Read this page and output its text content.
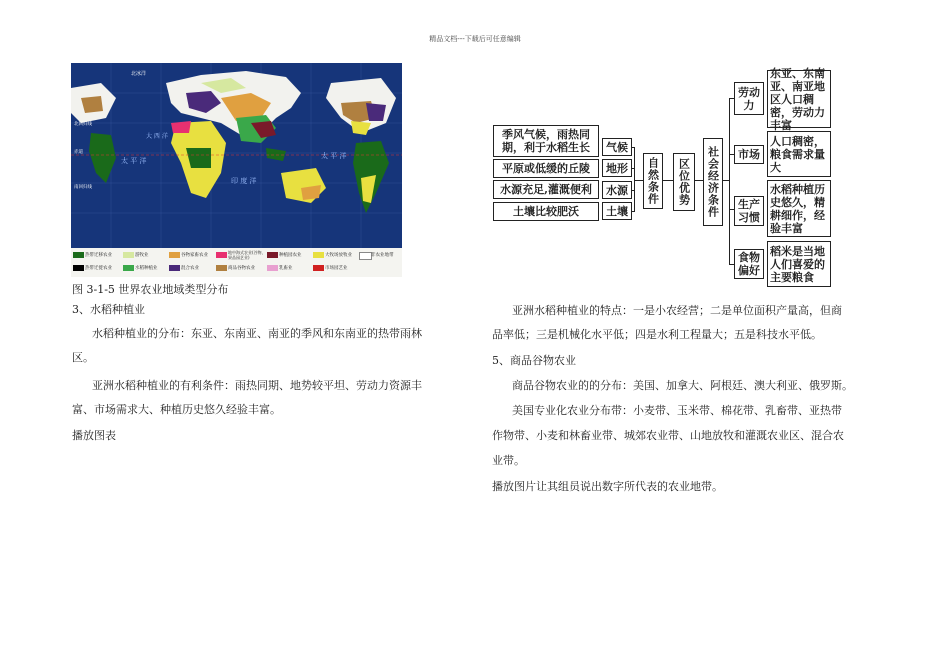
精品文档---下载后可任意编辑
北冰洋
太 平 洋
太 平 洋
大 西 洋
印 度 洋
赤道
北回归线
南回归线
热带迁移农业
热带迁徙农业
游牧业
水稻种植业
谷物家畜农业
混合农业
地中海式农业(谷物、果品园艺业)
商品谷物农业
种植园农业
乳畜业
大牧场放牧业
市场园艺业
非农业地带
图 3-1-5 世界农业地域类型分布
3、水稻种植业
水稻种植业的分布：东亚、东南亚、南亚的季风和东南亚的热带雨林
区。
亚洲水稻种植业的有利条件：雨热同期、地势较平坦、劳动力资源丰
富、市场需求大、种植历史悠久经验丰富。
播放图表
季风气候，雨热同期，利于水稻生长
平原或低缓的丘陵
水源充足,灌溉便利
土壤比较肥沃
气候
地形
水源
土壤
自然条件	区位优势	社会经济条件
劳动力
市场
生产习惯
食物偏好
东亚、东南亚、南亚地区人口稠密，劳动力丰富
人口稠密，粮食需求量大
水稻种植历史悠久，精耕细作，经验丰富
稻米是当地人们喜爱的主要粮食
亚洲水稻种植业的特点：一是小农经营；二是单位面积产量高，但商
品率低；三是机械化水平低；四是水利工程量大；五是科技水平低。
5、商品谷物农业
商品谷物农业的的分布：美国、加拿大、阿根廷、澳大利亚、俄罗斯。
美国专业化农业分布带：小麦带、玉米带、棉花带、乳畜带、亚热带
作物带、小麦和林畜业带、城郊农业带、山地放牧和灌溉农业区、混合农
业带。
播放图片让其组员说出数字所代表的农业地带。
